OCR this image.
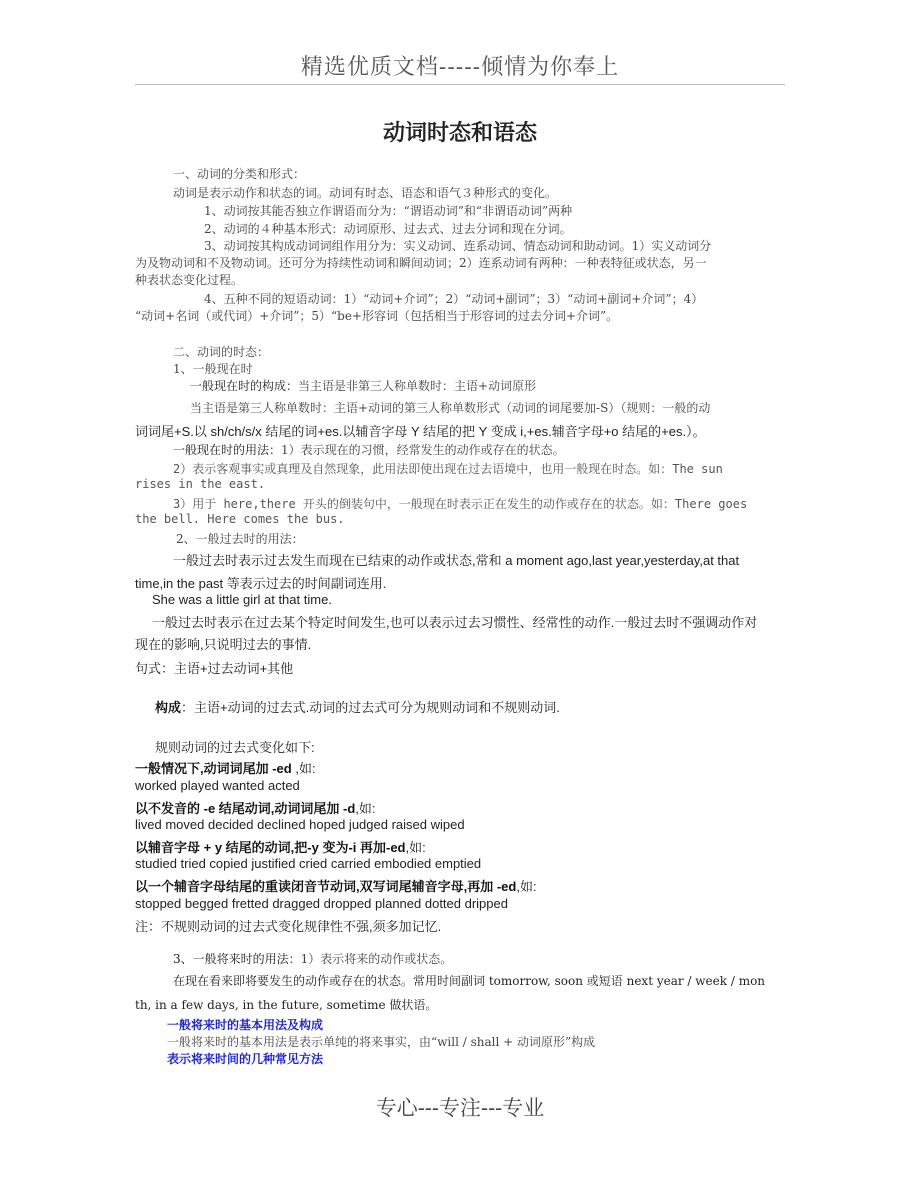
精选优质文档-----倾情为你奉上
动词时态和语态
一、动词的分类和形式：
动词是表示动作和状态的词。动词有时态、语态和语气３种形式的变化。
1、动词按其能否独立作谓语而分为：“谓语动词”和“非谓语动词”两种
2、动词的４种基本形式：动词原形、过去式、过去分词和现在分词。
3、动词按其构成动词词组作用分为：实义动词、连系动词、情态动词和助动词。1）实义动词分
为及物动词和不及物动词。还可分为持续性动词和瞬间动词；2）连系动词有两种：一种表特征或状态，另一
种表状态变化过程。
4、五种不同的短语动词：1）“动词+介词”；2）“动词+副词”；3）“动词+副词+介词”；4）
“动词+名词（或代词）+介词”；5）“be+形容词（包括相当于形容词的过去分词+介词”。
二、动词的时态：
1、一般现在时
一般现在时的构成：当主语是非第三人称单数时：主语+动词原形
当主语是第三人称单数时：主语+动词的第三人称单数形式（动词的词尾要加-S）（规则：一般的动
词词尾+S.以 sh/ch/s/x 结尾的词+es.以辅音字母 Y 结尾的把 Y 变成 i,+es.辅音字母+o 结尾的+es.）。
一般现在时的用法：1）表示现在的习惯，经常发生的动作或存在的状态。
2）表示客观事实或真理及自然现象，此用法即使出现在过去语境中，也用一般现在时态。如：The sun
rises in the east.
3）用于 here,there 开头的倒装句中，一般现在时表示正在发生的动作或存在的状态。如：There goes
the bell. Here comes the bus.
2、一般过去时的用法：
一般过去时表示过去发生而现在已结束的动作或状态,常和 a moment ago,last year,yesterday,at that
time,in the past 等表示过去的时间副词连用.
She was a little girl at that time.
一般过去时表示在过去某个特定时间发生,也可以表示过去习惯性、经常性的动作.一般过去时不强调动作对
现在的影响,只说明过去的事情.
句式：主语+过去动词+其他
构成：主语+动词的过去式.动词的过去式可分为规则动词和不规则动词.
规则动词的过去式变化如下:
一般情况下,动词词尾加 -ed ,如:
worked played wanted acted
以不发音的 -e 结尾动词,动词词尾加 -d,如:
lived moved decided declined hoped judged raised wiped
以辅音字母 + y 结尾的动词,把-y 变为-i 再加-ed,如:
studied tried copied justified cried carried embodied emptied
以一个辅音字母结尾的重读闭音节动词,双写词尾辅音字母,再加 -ed,如:
stopped begged fretted dragged dropped planned dotted dripped
注：不规则动词的过去式变化规律性不强,须多加记忆.
3、一般将来时的用法：1）表示将来的动作或状态。
在现在看来即将要发生的动作或存在的状态。常用时间副词 tomorrow, soon 或短语 next year / week / mon
th, in a few days, in the future, sometime 做状语。
一般将来时的基本用法及构成
一般将来时的基本用法是表示单纯的将来事实，由“will / shall + 动词原形”构成
表示将来时间的几种常见方法
专心---专注---专业
